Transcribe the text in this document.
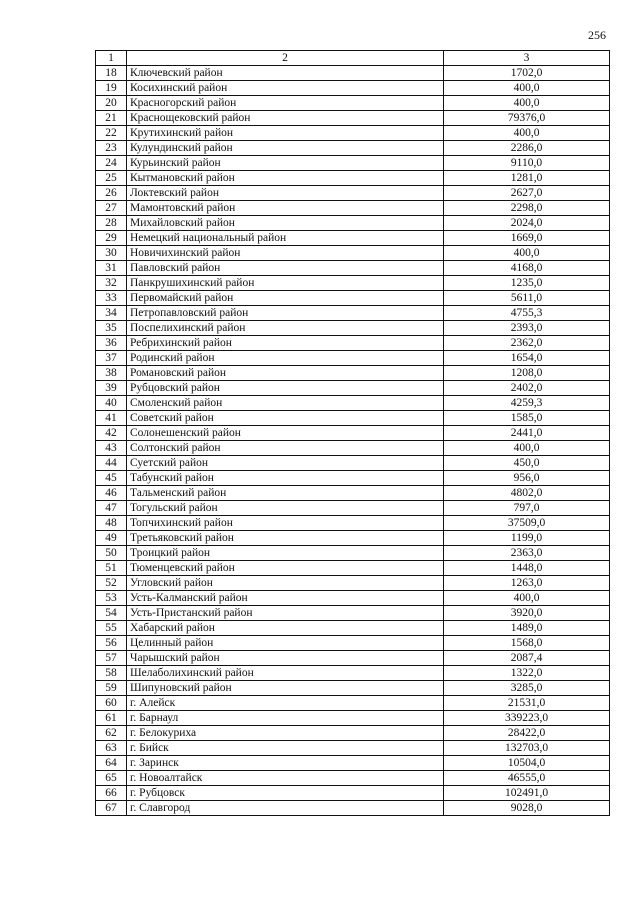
256
1	2	3
18	Ключевский район	1702,0
19	Косихинский район	400,0
20	Красногорский район	400,0
21	Краснощековский район	79376,0
22	Крутихинский район	400,0
23	Кулундинский район	2286,0
24	Курьинский район	9110,0
25	Кытмановский район	1281,0
26	Локтевский район	2627,0
27	Мамонтовский район	2298,0
28	Михайловский район	2024,0
29	Немецкий национальный район	1669,0
30	Новичихинский район	400,0
31	Павловский район	4168,0
32	Панкрушихинский район	1235,0
33	Первомайский район	5611,0
34	Петропавловский район	4755,3
35	Поспелихинский район	2393,0
36	Ребрихинский район	2362,0
37	Родинский район	1654,0
38	Романовский район	1208,0
39	Рубцовский район	2402,0
40	Смоленский район	4259,3
41	Советский район	1585,0
42	Солонешенский район	2441,0
43	Солтонский район	400,0
44	Суетский район	450,0
45	Табунский район	956,0
46	Тальменский район	4802,0
47	Тогульский район	797,0
48	Топчихинский район	37509,0
49	Третьяковский район	1199,0
50	Троицкий район	2363,0
51	Тюменцевский район	1448,0
52	Угловский район	1263,0
53	Усть-Калманский район	400,0
54	Усть-Пристанский район	3920,0
55	Хабарский район	1489,0
56	Целинный район	1568,0
57	Чарышский район	2087,4
58	Шелаболихинский район	1322,0
59	Шипуновский район	3285,0
60	г. Алейск	21531,0
61	г. Барнаул	339223,0
62	г. Белокуриха	28422,0
63	г. Бийск	132703,0
64	г. Заринск	10504,0
65	г. Новоалтайск	46555,0
66	г. Рубцовск	102491,0
67	г. Славгород	9028,0
